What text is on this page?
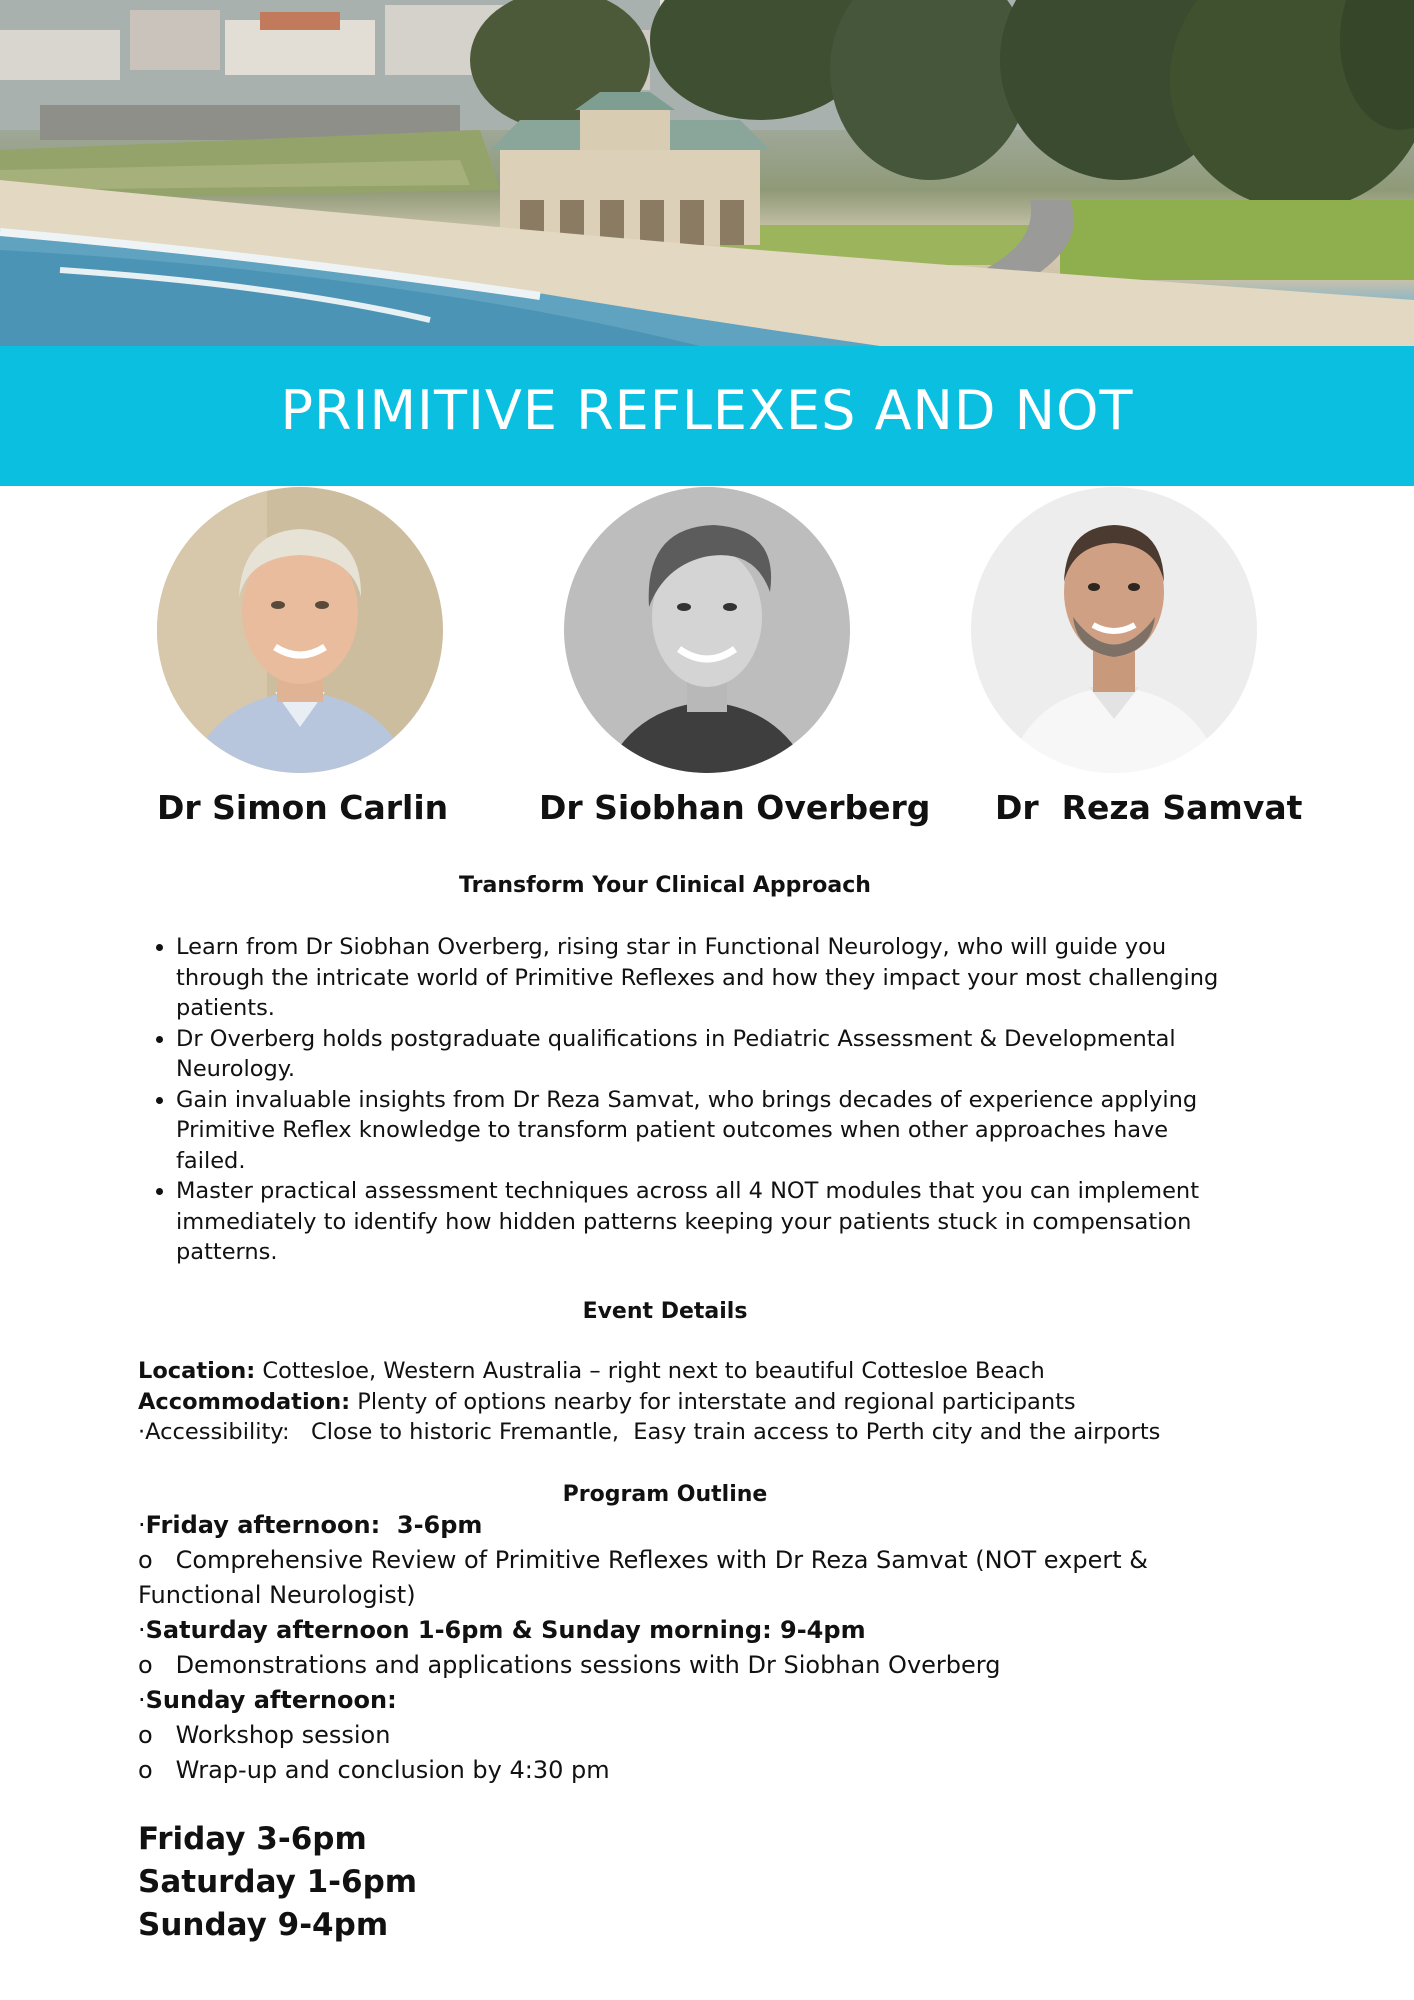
PRIMITIVE REFLEXES AND NOT
Dr Simon Carlin	Dr Siobhan Overberg Dr  Reza Samvat
Transform Your Clinical Approach
• Learn from Dr Siobhan Overberg, rising star in Functional Neurology, who will guide you through the intricate world of Primitive Reflexes and how they impact your most challenging patients.
• Dr Overberg holds postgraduate qualifications in Pediatric Assessment & Developmental Neurology.
• Gain invaluable insights from Dr Reza Samvat, who brings decades of experience applying Primitive Reflex knowledge to transform patient outcomes when other approaches have failed.
• Master practical assessment techniques across all 4 NOT modules that you can implement immediately to identify how hidden patterns keeping your patients stuck in compensation patterns.
Event Details
Location: Cottesloe, Western Australia – right next to beautiful Cottesloe Beach
Accommodation: Plenty of options nearby for interstate and regional participants
·Accessibility:   Close to historic Fremantle,  Easy train access to Perth city and the airports
Program Outline
·Friday afternoon:  3-6pm
o   Comprehensive Review of Primitive Reflexes with Dr Reza Samvat (NOT expert &
Functional Neurologist)
·Saturday afternoon 1-6pm & Sunday morning: 9-4pm
o   Demonstrations and applications sessions with Dr Siobhan Overberg
·Sunday afternoon:
o   Workshop session
o   Wrap-up and conclusion by 4:30 pm
Friday 3-6pm
Saturday 1-6pm
Sunday 9-4pm
